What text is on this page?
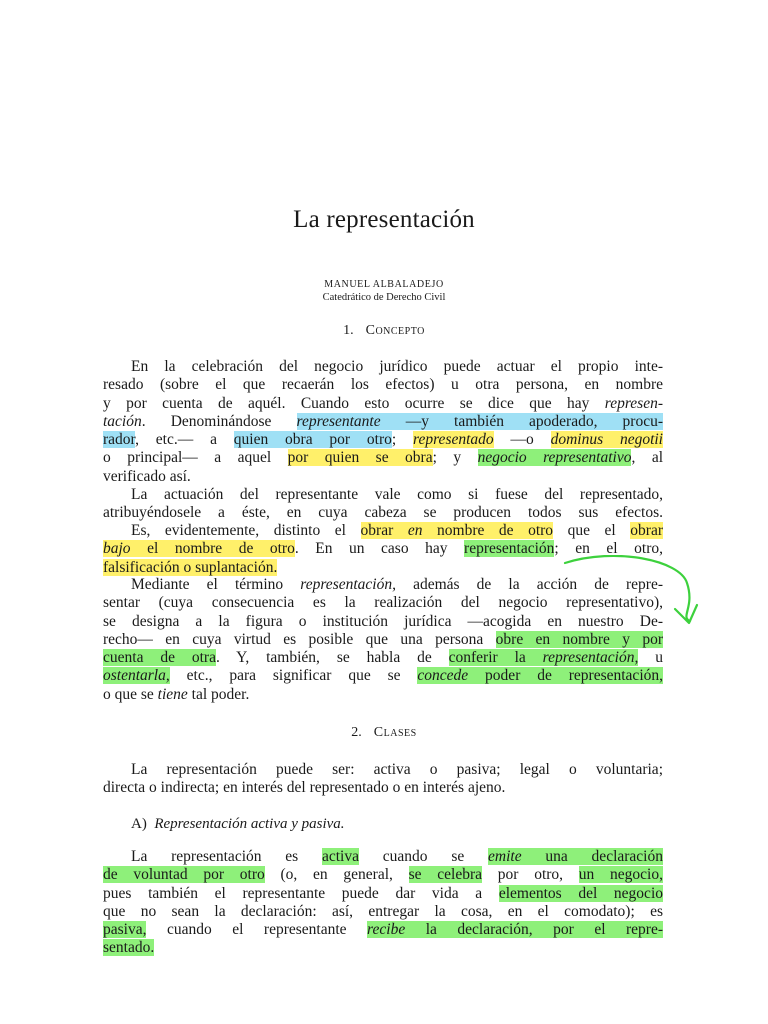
La representación
MANUEL ALBALADEJO
Catedrático de Derecho Civil
1. Concepto
En la celebración del negocio jurídico puede actuar el propio inte-
resado (sobre el que recaerán los efectos) u otra persona, en nombre
y por cuenta de aquél. Cuando esto ocurre se dice que hay represen-
tación. Denominándose representante —y también apoderado, procu-
rador, etc.— a quien obra por otro; representado —o dominus negotii
o principal— a aquel por quien se obra; y negocio representativo, al
verificado así.
La actuación del representante vale como si fuese del representado,
atribuyéndosele a éste, en cuya cabeza se producen todos sus efectos.
Es, evidentemente, distinto el obrar en nombre de otro que el obrar
bajo el nombre de otro. En un caso hay representación; en el otro,
falsificación o suplantación.
Mediante el término representación, además de la acción de repre-
sentar (cuya consecuencia es la realización del negocio representativo),
se designa a la figura o institución jurídica —acogida en nuestro De-
recho— en cuya virtud es posible que una persona obre en nombre y por
cuenta de otra. Y, también, se habla de conferir la representación, u
ostentarla, etc., para significar que se concede poder de representación,
o que se tiene tal poder.
2. Clases
La representación puede ser: activa o pasiva; legal o voluntaria;
directa o indirecta; en interés del representado o en interés ajeno.
A) Representación activa y pasiva.
La representación es activa cuando se emite una declaración
de voluntad por otro (o, en general, se celebra por otro, un negocio,
pues también el representante puede dar vida a elementos del negocio
que no sean la declaración: así, entregar la cosa, en el comodato); es
pasiva, cuando el representante recibe la declaración, por el repre-
sentado.
